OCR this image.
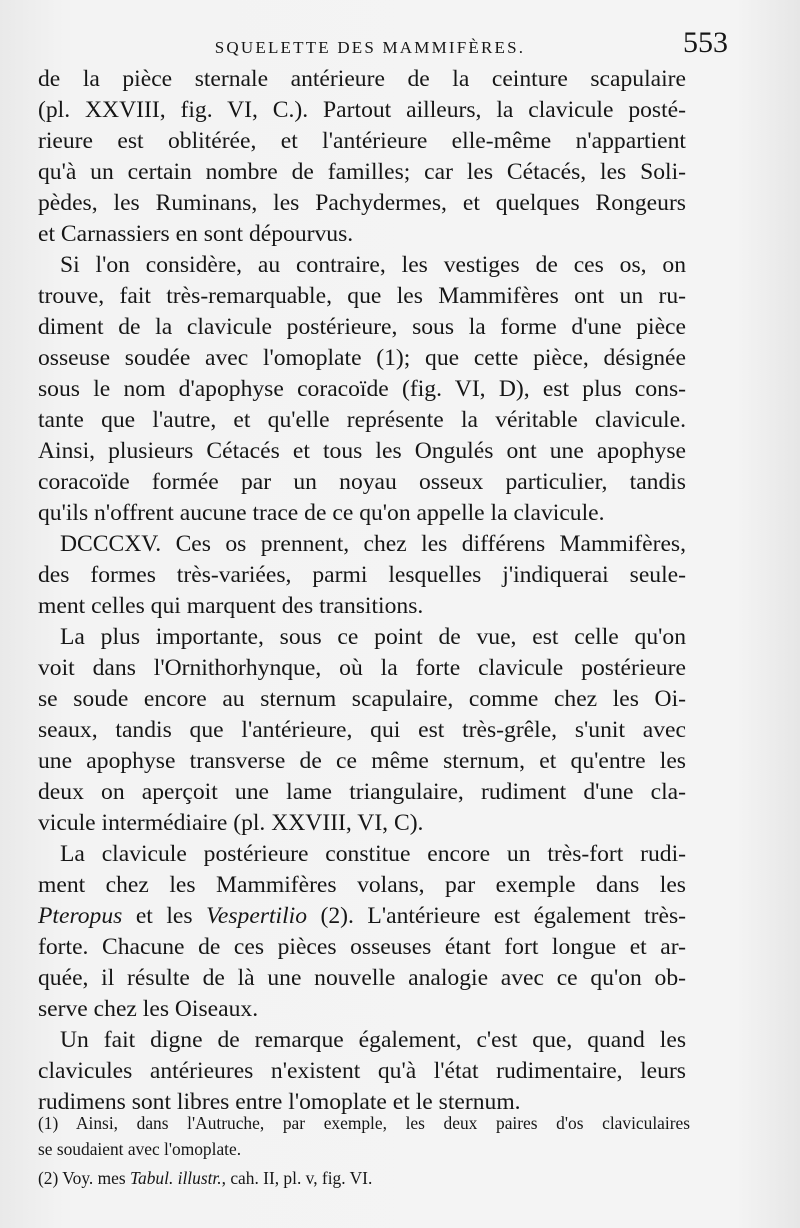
SQUELETTE DES MAMMIFÈRES.	553

de la pièce sternale antérieure de la ceinture scapulaire
(pl. XXVIII, fig. VI, C.). Partout ailleurs, la clavicule posté-
rieure est oblitérée, et l'antérieure elle-même n'appartient
qu'à un certain nombre de familles; car les Cétacés, les Soli-
pèdes, les Ruminans, les Pachydermes, et quelques Rongeurs
et Carnassiers en sont dépourvus.

Si l'on considère, au contraire, les vestiges de ces os, on
trouve, fait très-remarquable, que les Mammifères ont un ru-
diment de la clavicule postérieure, sous la forme d'une pièce
osseuse soudée avec l'omoplate (1); que cette pièce, désignée
sous le nom d'apophyse coracoïde (fig. VI, D), est plus cons-
tante que l'autre, et qu'elle représente la véritable clavicule.
Ainsi, plusieurs Cétacés et tous les Ongulés ont une apophyse
coracoïde formée par un noyau osseux particulier, tandis
qu'ils n'offrent aucune trace de ce qu'on appelle la clavicule.

DCCCXV. Ces os prennent, chez les différens Mammifères,
des formes très-variées, parmi lesquelles j'indiquerai seule-
ment celles qui marquent des transitions.

La plus importante, sous ce point de vue, est celle qu'on
voit dans l'Ornithorhynque, où la forte clavicule postérieure
se soude encore au sternum scapulaire, comme chez les Oi-
seaux, tandis que l'antérieure, qui est très-grêle, s'unit avec
une apophyse transverse de ce même sternum, et qu'entre les
deux on aperçoit une lame triangulaire, rudiment d'une cla-
vicule intermédiaire (pl. XXVIII, VI, C).

La clavicule postérieure constitue encore un très-fort rudi-
ment chez les Mammifères volans, par exemple dans les
Pteropus et les Vespertilio (2). L'antérieure est également très-
forte. Chacune de ces pièces osseuses étant fort longue et ar-
quée, il résulte de là une nouvelle analogie avec ce qu'on ob-
serve chez les Oiseaux.

Un fait digne de remarque également, c'est que, quand les
clavicules antérieures n'existent qu'à l'état rudimentaire, leurs
rudimens sont libres entre l'omoplate et le sternum.

(1) Ainsi, dans l'Autruche, par exemple, les deux paires d'os claviculaires
se soudaient avec l'omoplate.
(2) Voy. mes Tabul. illustr., cah. II, pl. v, fig. VI.
